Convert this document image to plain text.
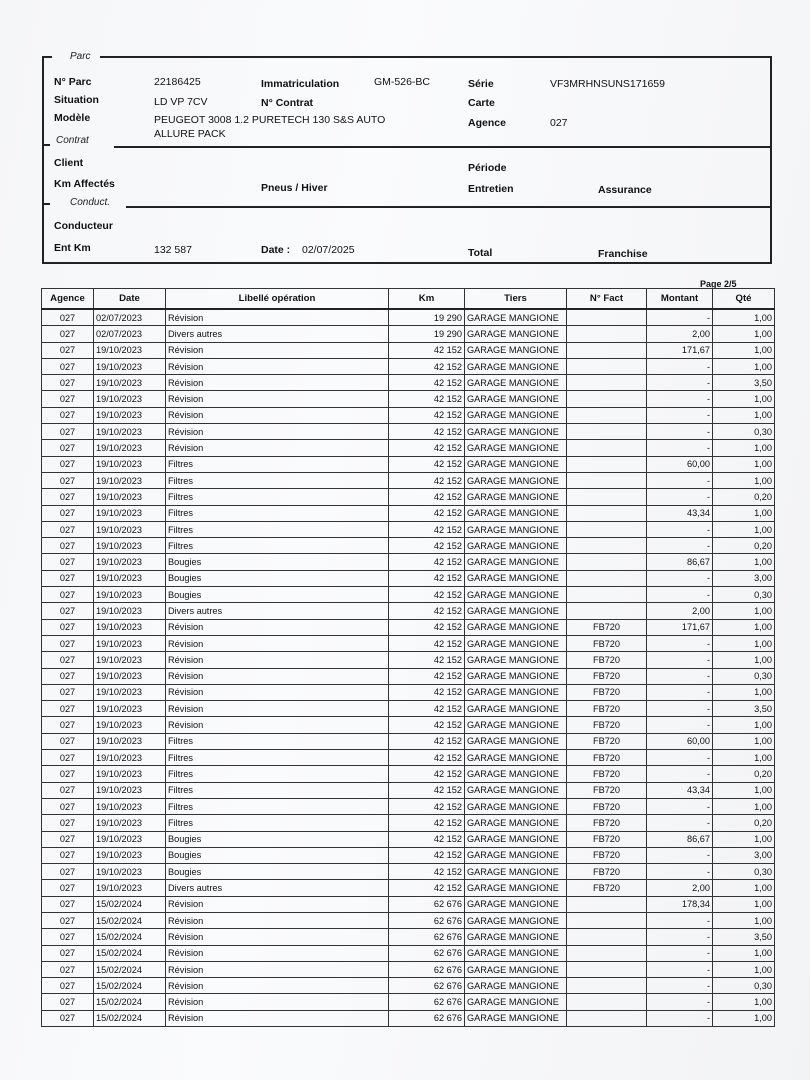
Parc
N° Parc	22186425	Immatriculation	GM-526-BC	Série	VF3MRHNSUNS171659
Situation	LD VP 7CV	N° Contrat	Carte
Modèle	PEUGEOT 3008 1.2 PURETECH 130 S&S AUTO
ALLURE PACK
Agence	027
Contrat
Client	Période
Km Affectés	Pneus / Hiver	Entretien	Assurance
Conduct.
Conducteur
Ent Km	132 587	Date : 02/07/2025	Total	Franchise
Page 2/5
Agence	Date	Libellé opération	Km	Tiers	N° Fact	Montant	Qté
027	02/07/2023	Révision	19 290	GARAGE MANGIONE		-	1,00
027	02/07/2023	Divers autres	19 290	GARAGE MANGIONE		2,00	1,00
027	19/10/2023	Révision	42 152	GARAGE MANGIONE		171,67	1,00
027	19/10/2023	Révision	42 152	GARAGE MANGIONE		-	1,00
027	19/10/2023	Révision	42 152	GARAGE MANGIONE		-	3,50
027	19/10/2023	Révision	42 152	GARAGE MANGIONE		-	1,00
027	19/10/2023	Révision	42 152	GARAGE MANGIONE		-	1,00
027	19/10/2023	Révision	42 152	GARAGE MANGIONE		-	0,30
027	19/10/2023	Révision	42 152	GARAGE MANGIONE		-	1,00
027	19/10/2023	Filtres	42 152	GARAGE MANGIONE		60,00	1,00
027	19/10/2023	Filtres	42 152	GARAGE MANGIONE		-	1,00
027	19/10/2023	Filtres	42 152	GARAGE MANGIONE		-	0,20
027	19/10/2023	Filtres	42 152	GARAGE MANGIONE		43,34	1,00
027	19/10/2023	Filtres	42 152	GARAGE MANGIONE		-	1,00
027	19/10/2023	Filtres	42 152	GARAGE MANGIONE		-	0,20
027	19/10/2023	Bougies	42 152	GARAGE MANGIONE		86,67	1,00
027	19/10/2023	Bougies	42 152	GARAGE MANGIONE		-	3,00
027	19/10/2023	Bougies	42 152	GARAGE MANGIONE		-	0,30
027	19/10/2023	Divers autres	42 152	GARAGE MANGIONE		2,00	1,00
027	19/10/2023	Révision	42 152	GARAGE MANGIONE	FB720	171,67	1,00
027	19/10/2023	Révision	42 152	GARAGE MANGIONE	FB720	-	1,00
027	19/10/2023	Révision	42 152	GARAGE MANGIONE	FB720	-	1,00
027	19/10/2023	Révision	42 152	GARAGE MANGIONE	FB720	-	0,30
027	19/10/2023	Révision	42 152	GARAGE MANGIONE	FB720	-	1,00
027	19/10/2023	Révision	42 152	GARAGE MANGIONE	FB720	-	3,50
027	19/10/2023	Révision	42 152	GARAGE MANGIONE	FB720	-	1,00
027	19/10/2023	Filtres	42 152	GARAGE MANGIONE	FB720	60,00	1,00
027	19/10/2023	Filtres	42 152	GARAGE MANGIONE	FB720	-	1,00
027	19/10/2023	Filtres	42 152	GARAGE MANGIONE	FB720	-	0,20
027	19/10/2023	Filtres	42 152	GARAGE MANGIONE	FB720	43,34	1,00
027	19/10/2023	Filtres	42 152	GARAGE MANGIONE	FB720	-	1,00
027	19/10/2023	Filtres	42 152	GARAGE MANGIONE	FB720	-	0,20
027	19/10/2023	Bougies	42 152	GARAGE MANGIONE	FB720	86,67	1,00
027	19/10/2023	Bougies	42 152	GARAGE MANGIONE	FB720	-	3,00
027	19/10/2023	Bougies	42 152	GARAGE MANGIONE	FB720	-	0,30
027	19/10/2023	Divers autres	42 152	GARAGE MANGIONE	FB720	2,00	1,00
027	15/02/2024	Révision	62 676	GARAGE MANGIONE		178,34	1,00
027	15/02/2024	Révision	62 676	GARAGE MANGIONE		-	1,00
027	15/02/2024	Révision	62 676	GARAGE MANGIONE		-	3,50
027	15/02/2024	Révision	62 676	GARAGE MANGIONE		-	1,00
027	15/02/2024	Révision	62 676	GARAGE MANGIONE		-	1,00
027	15/02/2024	Révision	62 676	GARAGE MANGIONE		-	0,30
027	15/02/2024	Révision	62 676	GARAGE MANGIONE		-	1,00
027	15/02/2024	Révision	62 676	GARAGE MANGIONE		-	1,00
